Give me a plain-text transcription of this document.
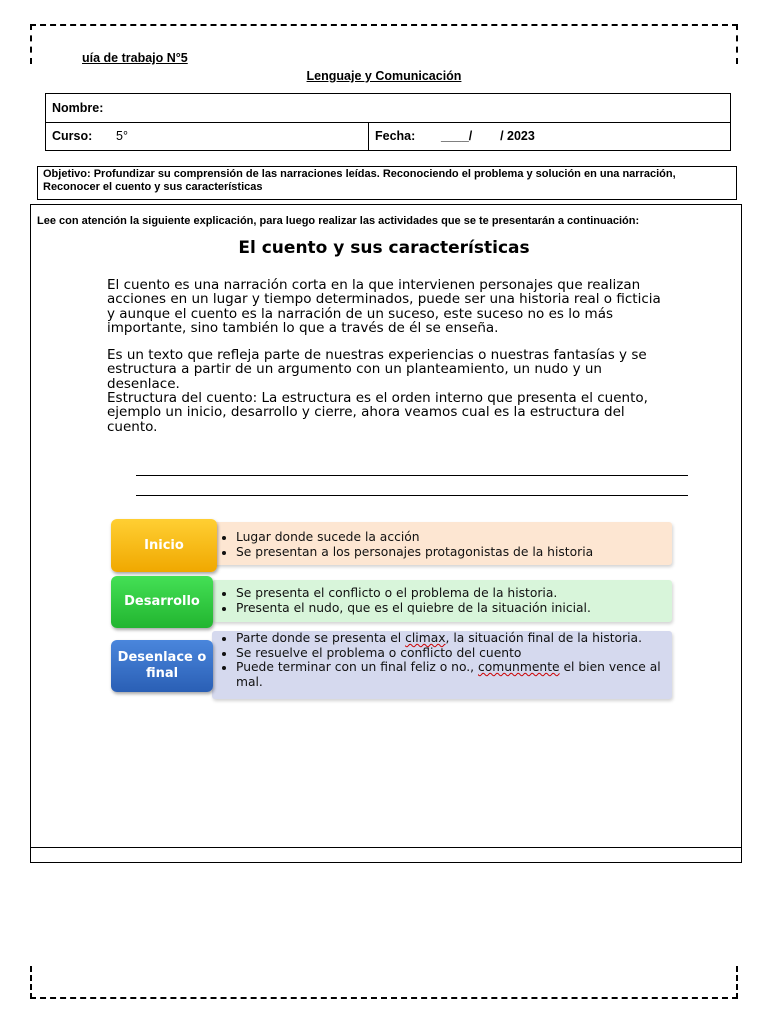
uía de trabajo N°5
Lenguaje y Comunicación
Nombre:
Curso: 5°	Fecha: ____/        / 2023

Objetivo: Profundizar su comprensión de las narraciones leídas. Reconociendo el problema y solución en una narración, Reconocer el cuento y sus características

Lee con atención la siguiente explicación, para luego realizar las actividades que se te presentarán a continuación:

El cuento y sus características

El cuento es una narración corta en la que intervienen personajes que realizan acciones en un lugar y tiempo determinados, puede ser una historia real o ficticia y aunque el cuento es la narración de un suceso, este suceso no es lo más importante, sino también lo que a través de él se enseña.

Es un texto que refleja parte de nuestras experiencias o nuestras fantasías y se estructura a partir de un argumento con un planteamiento, un nudo y un desenlace.

Estructura del cuento: La estructura es el orden interno que presenta el cuento, ejemplo un inicio, desarrollo y cierre, ahora veamos cual es la estructura del cuento.

• Lugar donde sucede la acción
• Se presentan a los personajes protagonistas de la historia
Inicio
• Se presenta el conflicto o el problema de la historia.
• Presenta el nudo, que es el quiebre de la situación inicial.
Desarrollo
• Parte donde se presenta el climax, la situación final de la historia.
• Se resuelve el problema o conflicto del cuento
• Puede terminar con un final feliz o no., comunmente el bien vence al mal.
Desenlace o final
